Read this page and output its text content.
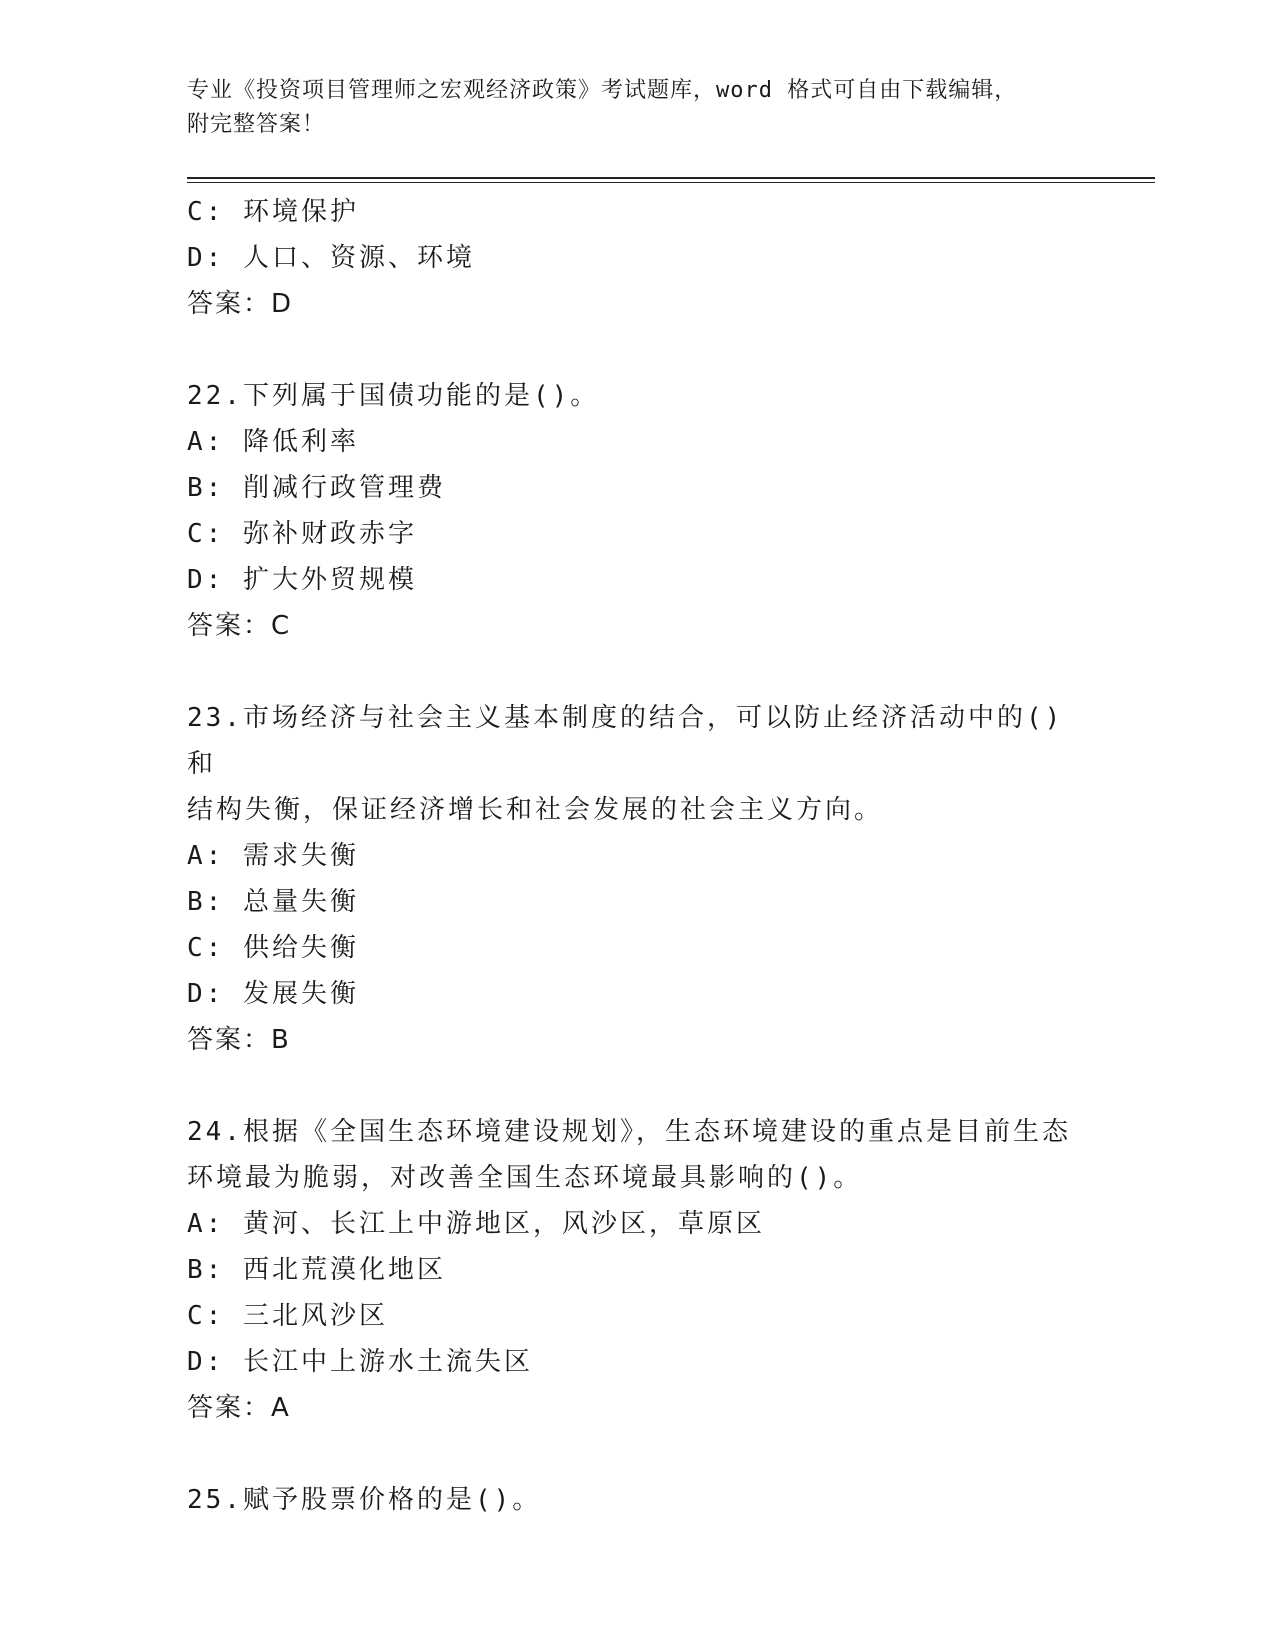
专业《投资项目管理师之宏观经济政策》考试题库，word 格式可自由下载编辑，
附完整答案！
C: 环境保护
D: 人口、资源、环境
答案：D
22.下列属于国债功能的是()。
A: 降低利率
B: 削减行政管理费
C: 弥补财政赤字
D: 扩大外贸规模
答案：C
23.市场经济与社会主义基本制度的结合，可以防止经济活动中的()和
结构失衡，保证经济增长和社会发展的社会主义方向。
A: 需求失衡
B: 总量失衡
C: 供给失衡
D: 发展失衡
答案：B
24.根据《全国生态环境建设规划》，生态环境建设的重点是目前生态
环境最为脆弱，对改善全国生态环境最具影响的()。
A: 黄河、长江上中游地区，风沙区，草原区
B: 西北荒漠化地区
C: 三北风沙区
D: 长江中上游水土流失区
答案：A
25.赋予股票价格的是()。
